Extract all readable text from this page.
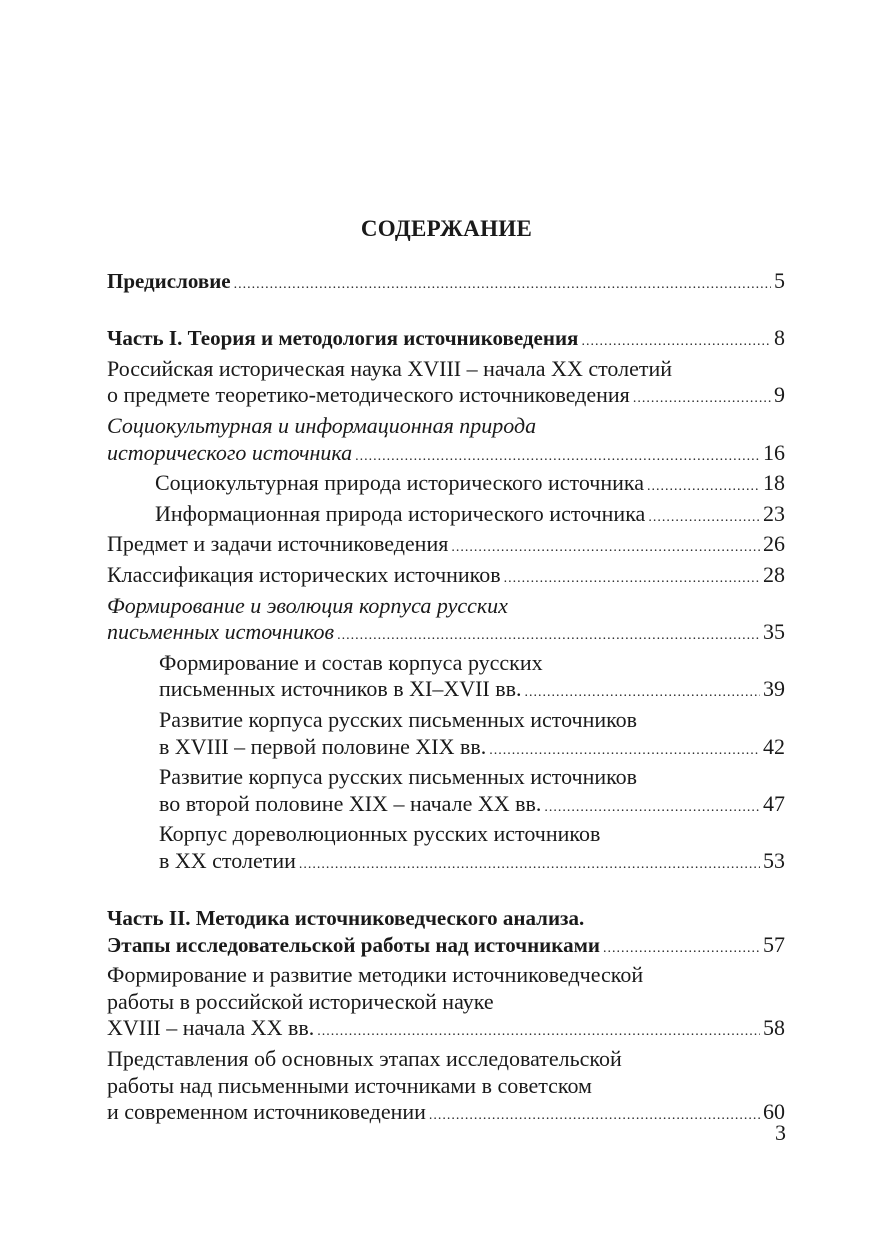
СОДЕРЖАНИЕ
Предисловие .....	5
Часть I. Теория и методология источниковедения .....	8
Российская историческая наука XVIII – начала XX столетий
о предмете теоретико-методического источниковедения .....	9
Социокультурная и информационная природа
исторического источника .....	16
Социокультурная природа исторического источника .....	18
Информационная природа исторического источника .....	23
Предмет и задачи источниковедения .....	26
Классификация исторических источников .....	28
Формирование и эволюция корпуса русских
письменных источников .....	35
Формирование и состав корпуса русских
письменных источников в XI–XVII вв. .....	39
Развитие корпуса русских письменных источников
в XVIII – первой половине XIX вв. .....	42
Развитие корпуса русских письменных источников
во второй половине XIX – начале XX вв. .....	47
Корпус дореволюционных русских источников
в XX столетии .....	53
Часть II. Методика источниковедческого анализа.
Этапы исследовательской работы над источниками .....	57
Формирование и развитие методики источниковедческой
работы в российской исторической науке
XVIII – начала XX вв. .....	58
Представления об основных этапах исследовательской
работы над письменными источниками в советском
и современном источниковедении .....	60
3
